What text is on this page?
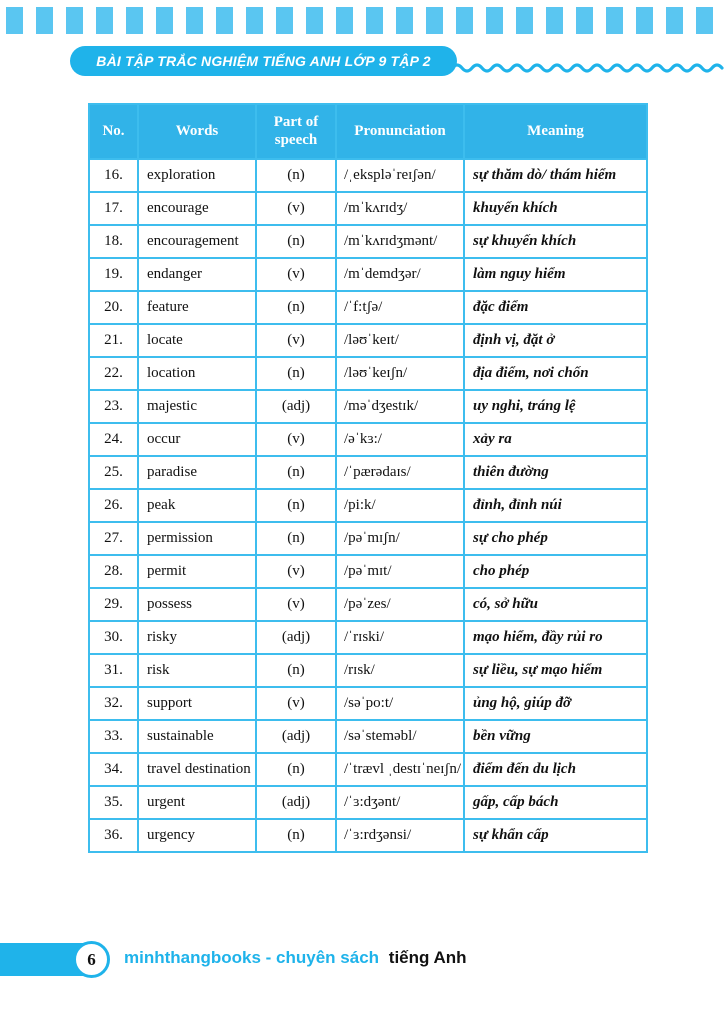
BÀI TẬP TRẮC NGHIỆM TIẾNG ANH LỚP 9 TẬP 2
No.	Words	Part of speech	Pronunciation	Meaning
16.	exploration	(n)	/ˌekspləˈreɪʃən/	sự thăm dò/ thám hiểm
17.	encourage	(v)	/mˈkʌrɪdʒ/	khuyến khích
18.	encouragement	(n)	/mˈkʌrɪdʒmənt/	sự khuyến khích
19.	endanger	(v)	/mˈdemdʒər/	làm nguy hiểm
20.	feature	(n)	/ˈf:tʃə/	đặc điểm
21.	locate	(v)	/ləʊˈkeɪt/	định vị, đặt ở
22.	location	(n)	/ləʊˈkeɪʃn/	địa điểm, nơi chốn
23.	majestic	(adj)	/məˈdʒestɪk/	uy nghi, tráng lệ
24.	occur	(v)	/əˈkɜ:/	xảy ra
25.	paradise	(n)	/ˈpærədaɪs/	thiên đường
26.	peak	(n)	/pi:k/	đỉnh, đỉnh núi
27.	permission	(n)	/pəˈmɪʃn/	sự cho phép
28.	permit	(v)	/pəˈmɪt/	cho phép
29.	possess	(v)	/pəˈzes/	có, sở hữu
30.	risky	(adj)	/ˈrɪski/	mạo hiểm, đầy rủi ro
31.	risk	(n)	/rɪsk/	sự liều, sự mạo hiểm
32.	support	(v)	/səˈpo:t/	ủng hộ, giúp đỡ
33.	sustainable	(adj)	/səˈsteməbl/	bền vững
34.	travel destination	(n)	/ˈtrævl ˌdestɪˈneɪʃn/	điểm đến du lịch
35.	urgent	(adj)	/ˈɜ:dʒənt/	gấp, cấp bách
36.	urgency	(n)	/ˈɜ:rdʒənsi/	sự khẩn cấp
6 minhthangbooks - chuyên sách tiếng Anh
